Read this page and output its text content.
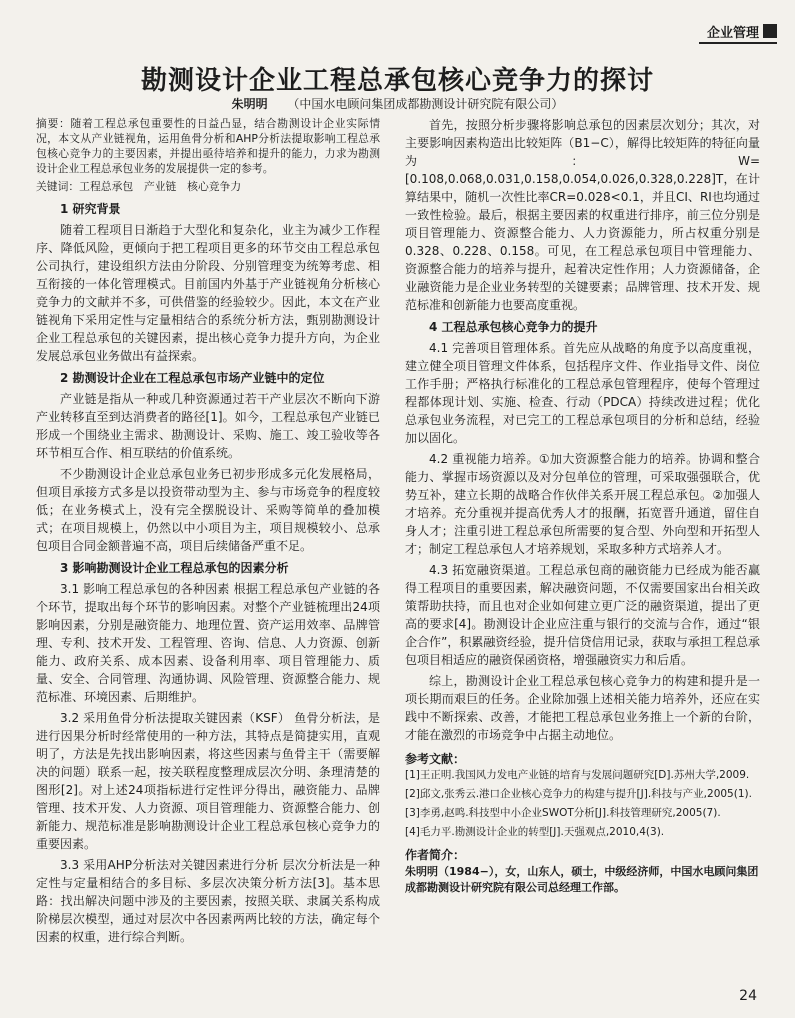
企业管理
勘测设计企业工程总承包核心竞争力的探讨
朱明明 （中国水电顾问集团成都勘测设计研究院有限公司）

摘要：随着工程总承包重要性的日益凸显，结合勘测设计企业实际情况，本文从产业链视角，运用鱼骨分析和AHP分析法提取影响工程总承包核心竞争力的主要因素，并提出亟待培养和提升的能力，力求为勘测设计企业工程总承包业务的发展提供一定的参考。

关键词：工程总承包　产业链　核心竞争力

1 研究背景

随着工程项目日渐趋于大型化和复杂化，业主为减少工作程序、降低风险，更倾向于把工程项目更多的环节交由工程总承包公司执行，建设组织方法由分阶段、分别管理变为统筹考虑、相互衔接的一体化管理模式。目前国内外基于产业链视角分析核心竞争力的文献并不多，可供借鉴的经验较少。因此，本文在产业链视角下采用定性与定量相结合的系统分析方法，甄别勘测设计企业工程总承包的关键因素，提出核心竞争力提升方向，为企业发展总承包业务做出有益探索。

2 勘测设计企业在工程总承包市场产业链中的定位

产业链是指从一种或几种资源通过若干产业层次不断向下游产业转移直至到达消费者的路径[1]。如今，工程总承包产业链已形成一个围绕业主需求、勘测设计、采购、施工、竣工验收等各环节相互合作、相互联结的价值系统。

不少勘测设计企业总承包业务已初步形成多元化发展格局，但项目承接方式多是以投资带动型为主、参与市场竞争的程度较低；在业务模式上，没有完全摆脱设计、采购等简单的叠加模式；在项目规模上，仍然以中小项目为主，项目规模较小、总承包项目合同金额普遍不高，项目后续储备严重不足。

3 影响勘测设计企业工程总承包的因素分析

3.1 影响工程总承包的各种因素 根据工程总承包产业链的各个环节，提取出每个环节的影响因素。对整个产业链梳理出24项影响因素，分别是融资能力、地理位置、资产运用效率、品牌管理、专利、技术开发、工程管理、咨询、信息、人力资源、创新能力、政府关系、成本因素、设备利用率、项目管理能力、质量、安全、合同管理、沟通协调、风险管理、资源整合能力、规范标准、环境因素、后期维护。

3.2 采用鱼骨分析法提取关键因素（KSF） 鱼骨分析法，是进行因果分析时经常使用的一种方法，其特点是简捷实用，直观明了，方法是先找出影响因素，将这些因素与鱼骨主干（需要解决的问题）联系一起，按关联程度整理成层次分明、条理清楚的图形[2]。对上述24项指标进行定性评分得出，融资能力、品牌管理、技术开发、人力资源、项目管理能力、资源整合能力、创新能力、规范标准是影响勘测设计企业工程总承包核心竞争力的重要因素。

3.3 采用AHP分析法对关键因素进行分析 层次分析法是一种定性与定量相结合的多目标、多层次决策分析方法[3]。基本思路：找出解决问题中涉及的主要因素，按照关联、隶属关系构成阶梯层次模型，通过对层次中各因素两两比较的方法，确定每个因素的权重，进行综合判断。

首先，按照分析步骤将影响总承包的因素层次划分；其次，对主要影响因素构造出比较矩阵（B1−C），解得比较矩阵的特征向量为：W=[0.108,0.068,0.031,0.158,0.054,0.026,0.328,0.228]T，在计算结果中，随机一次性比率CR=0.028<0.1，并且CI、RI也均通过一致性检验。最后，根据主要因素的权重进行排序，前三位分别是项目管理能力、资源整合能力、人力资源能力，所占权重分别是0.328、0.228、0.158。可见，在工程总承包项目中管理能力、资源整合能力的培养与提升，起着决定性作用；人力资源储备，企业融资能力是企业业务转型的关键要素；品牌管理、技术开发、规范标准和创新能力也要高度重视。

4 工程总承包核心竞争力的提升

4.1 完善项目管理体系。首先应从战略的角度予以高度重视，建立健全项目管理文件体系，包括程序文件、作业指导文件、岗位工作手册；严格执行标准化的工程总承包管理程序，使每个管理过程都体现计划、实施、检查、行动（PDCA）持续改进过程；优化总承包业务流程，对已完工的工程总承包项目的分析和总结，经验加以固化。

4.2 重视能力培养。①加大资源整合能力的培养。协调和整合能力、掌握市场资源以及对分包单位的管理，可采取强强联合，优势互补，建立长期的战略合作伙伴关系开展工程总承包。②加强人才培养。充分重视并提高优秀人才的报酬，拓宽晋升通道，留住自身人才；注重引进工程总承包所需要的复合型、外向型和开拓型人才；制定工程总承包人才培养规划，采取多种方式培养人才。

4.3 拓宽融资渠道。工程总承包商的融资能力已经成为能否赢得工程项目的重要因素，解决融资问题，不仅需要国家出台相关政策帮助扶持，而且也对企业如何建立更广泛的融资渠道，提出了更高的要求[4]。勘测设计企业应注重与银行的交流与合作，通过“银企合作”，积累融资经验，提升信贷信用记录，获取与承担工程总承包项目相适应的融资保函资格，增强融资实力和后盾。

综上，勘测设计企业工程总承包核心竞争力的构建和提升是一项长期而艰巨的任务。企业除加强上述相关能力培养外，还应在实践中不断探索、改善，才能把工程总承包业务推上一个新的台阶，才能在激烈的市场竞争中占据主动地位。

参考文献：
[1]王正明.我国风力发电产业链的培育与发展问题研究[D].苏州大学,2009.
[2]邱文,张秀云.港口企业核心竞争力的构建与提升[J].科技与产业,2005(1).
[3]李勇,赵鸣.科技型中小企业SWOT分析[J].科技管理研究,2005(7).
[4]毛力平.勘测设计企业的转型[J].天强观点,2010,4(3).
作者简介：
朱明明（1984−），女，山东人，硕士，中级经济师，中国水电顾问集团成都勘测设计研究院有限公司总经理工作部。
24
